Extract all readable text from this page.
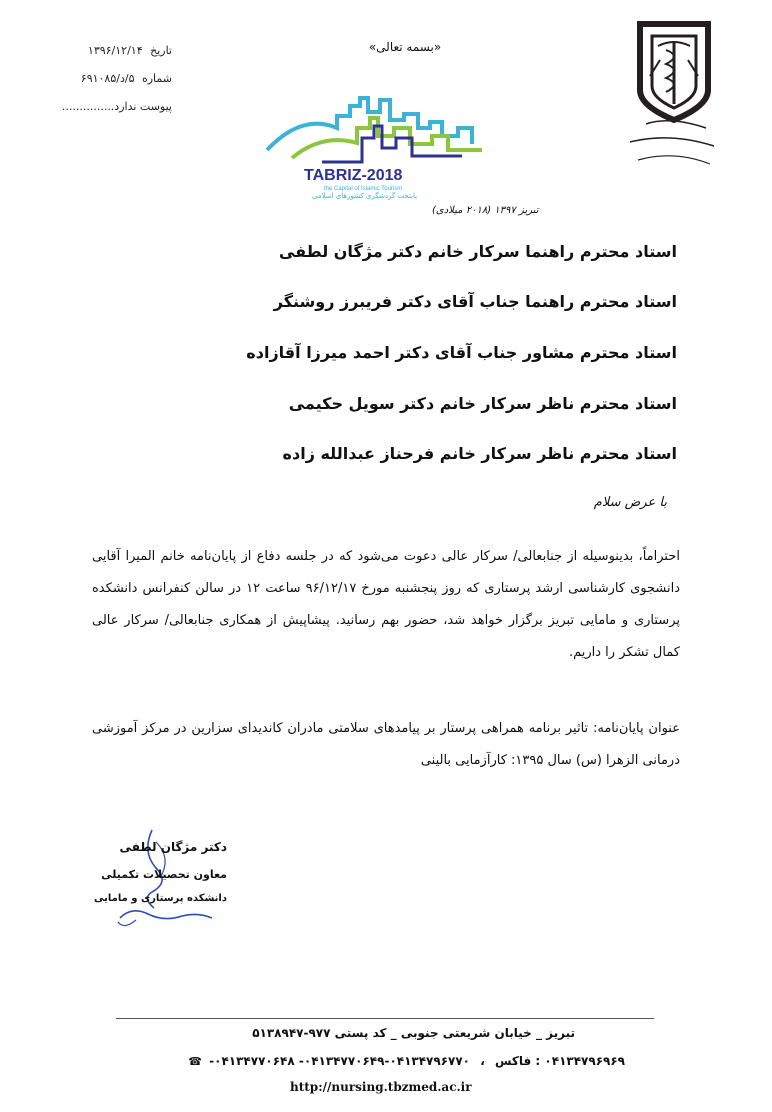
تاریخ ۱۳۹۶/۱۲/۱۴
شماره ۵/د/۶۹۱۰۸۵
پیوست ندارد...............
«بسمه تعالی»
TABRIZ-2018
the Capital of Islamic Tourism
پایتخت گردشگری کشورهای اسلامی
تبریز ۱۳۹۷ (۲۰۱۸ میلادی)
استاد محترم راهنما سرکار خانم دکتر مژگان لطفی
استاد محترم راهنما جناب آقای دکتر فریبرز روشنگر
استاد محترم مشاور جناب آقای دکتر احمد میرزا آقازاده
استاد محترم ناظر سرکار خانم دکتر سویل حکیمی
استاد محترم ناظر سرکار خانم فرحناز عبدالله زاده
با عرض سلام
احتراماً، بدینوسیله از جنابعالی/ سرکار عالی دعوت می‌شود که در جلسه دفاع از پایان‌نامه خانم المیرا آقایی دانشجوی کارشناسی ارشد پرستاری که روز پنجشنبه مورخ ۹۶/۱۲/۱۷ ساعت ۱۲ در سالن کنفرانس دانشکده پرستاری و مامایی تبریز برگزار خواهد شد، حضور بهم رسانید. پیشاپیش از همکاری جنابعالی/ سرکار عالی کمال تشکر را داریم.
عنوان پایان‌نامه: تاثیر برنامه همراهی پرستار بر پیامدهای سلامتی مادران کاندیدای سزارین در مرکز آموزشی درمانی الزهرا (س) سال ۱۳۹۵: کارآزمایی بالینی
دکتر مژگان لطفی
معاون تحصیلات تکمیلی
دانشکده پرستاری و مامایی
تبریز _ خیابان شریعتی جنوبی _ کد پستی ۹۷۷-۵۱۳۸۹۴۷
۰۴۱۳۴۷۹۶۹۶۹ : فاکس ، ۰۴۱۳۴۷۹۶۷۷۰-۰۴۱۳۴۷۷۰۶۴۹- ۰۴۱۳۴۷۷۰۶۴۸- ☎
http://nursing.tbzmed.ac.ir
